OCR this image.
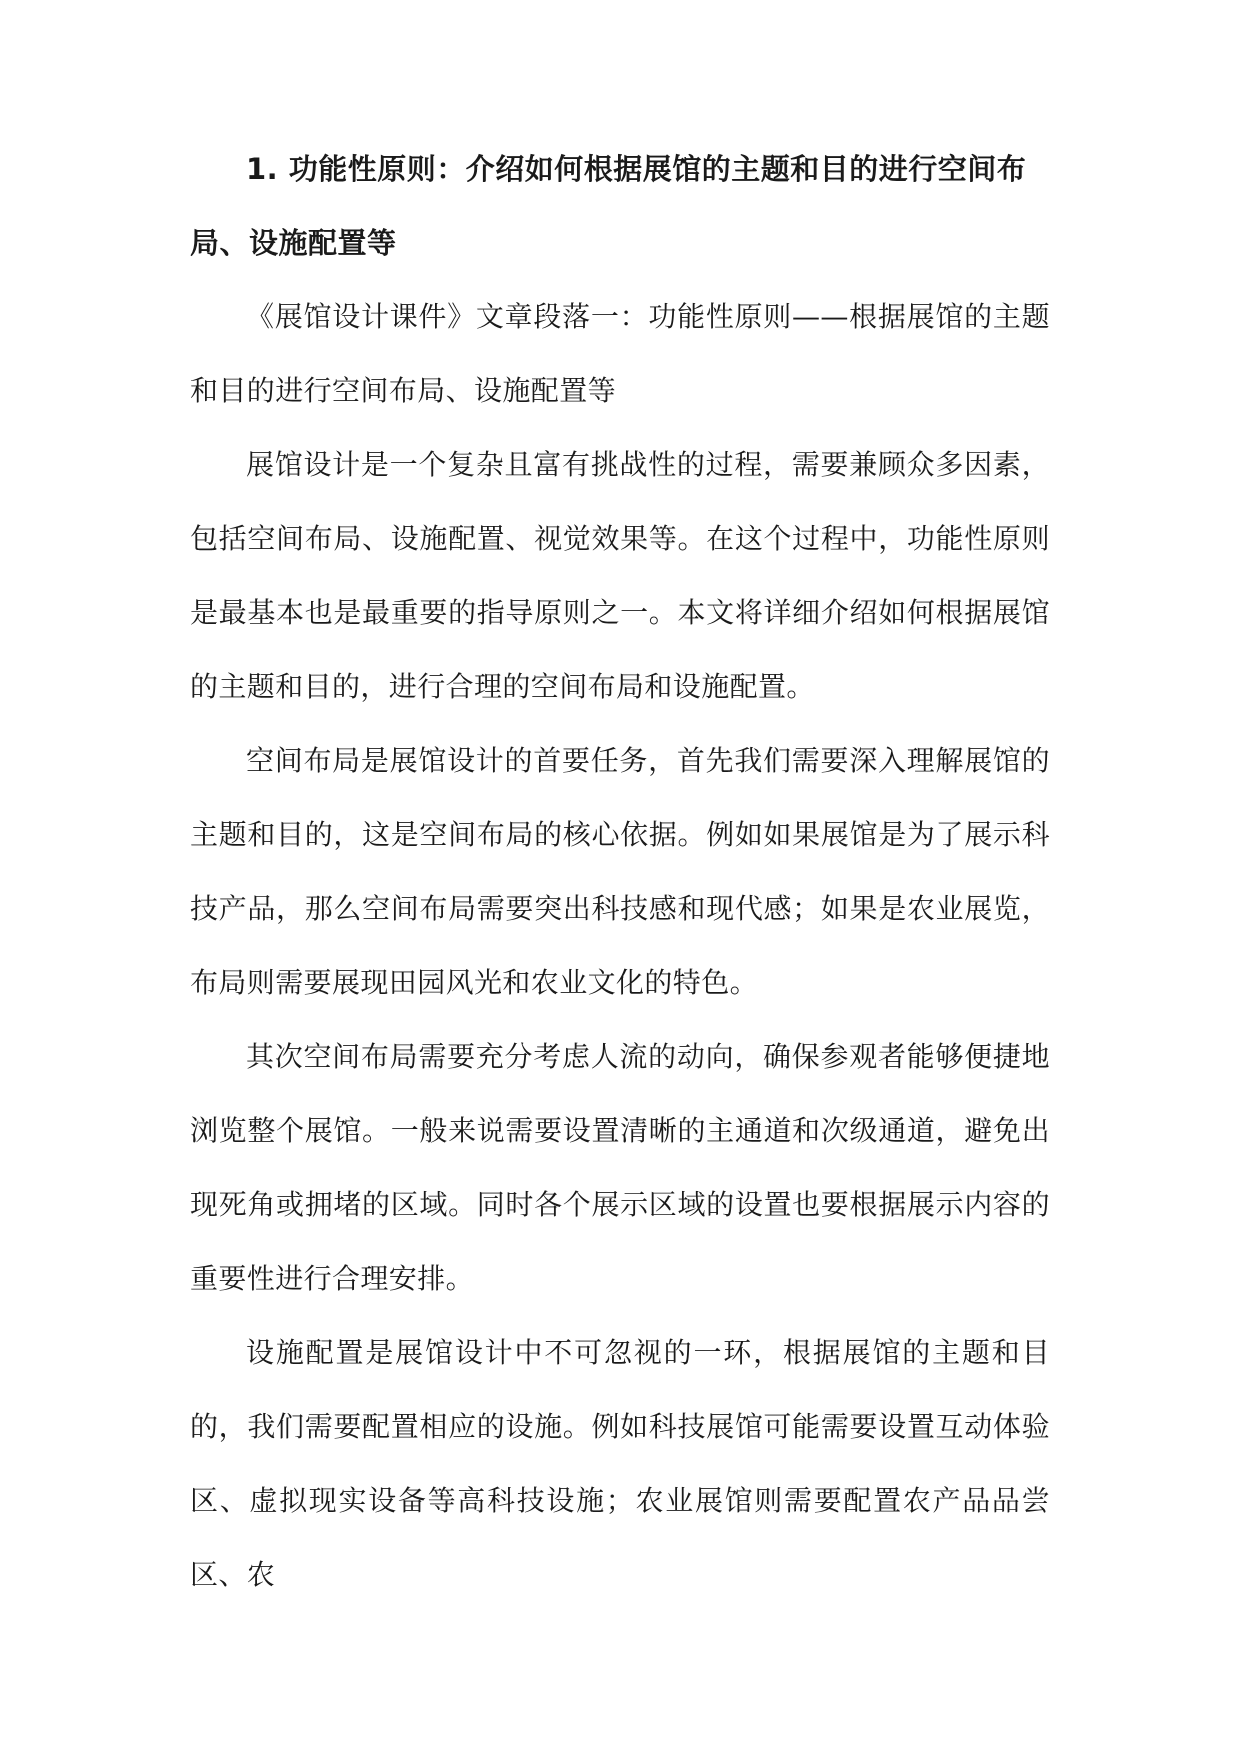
1. 功能性原则：介绍如何根据展馆的主题和目的进行空间布局、设施配置等

《展馆设计课件》文章段落一：功能性原则——根据展馆的主题和目的进行空间布局、设施配置等

展馆设计是一个复杂且富有挑战性的过程，需要兼顾众多因素，包括空间布局、设施配置、视觉效果等。在这个过程中，功能性原则是最基本也是最重要的指导原则之一。本文将详细介绍如何根据展馆的主题和目的，进行合理的空间布局和设施配置。

空间布局是展馆设计的首要任务，首先我们需要深入理解展馆的主题和目的，这是空间布局的核心依据。例如如果展馆是为了展示科技产品，那么空间布局需要突出科技感和现代感；如果是农业展览，布局则需要展现田园风光和农业文化的特色。

其次空间布局需要充分考虑人流的动向，确保参观者能够便捷地浏览整个展馆。一般来说需要设置清晰的主通道和次级通道，避免出现死角或拥堵的区域。同时各个展示区域的设置也要根据展示内容的重要性进行合理安排。

设施配置是展馆设计中不可忽视的一环，根据展馆的主题和目的，我们需要配置相应的设施。例如科技展馆可能需要设置互动体验区、虚拟现实设备等高科技设施；农业展馆则需要配置农产品品尝区、农
